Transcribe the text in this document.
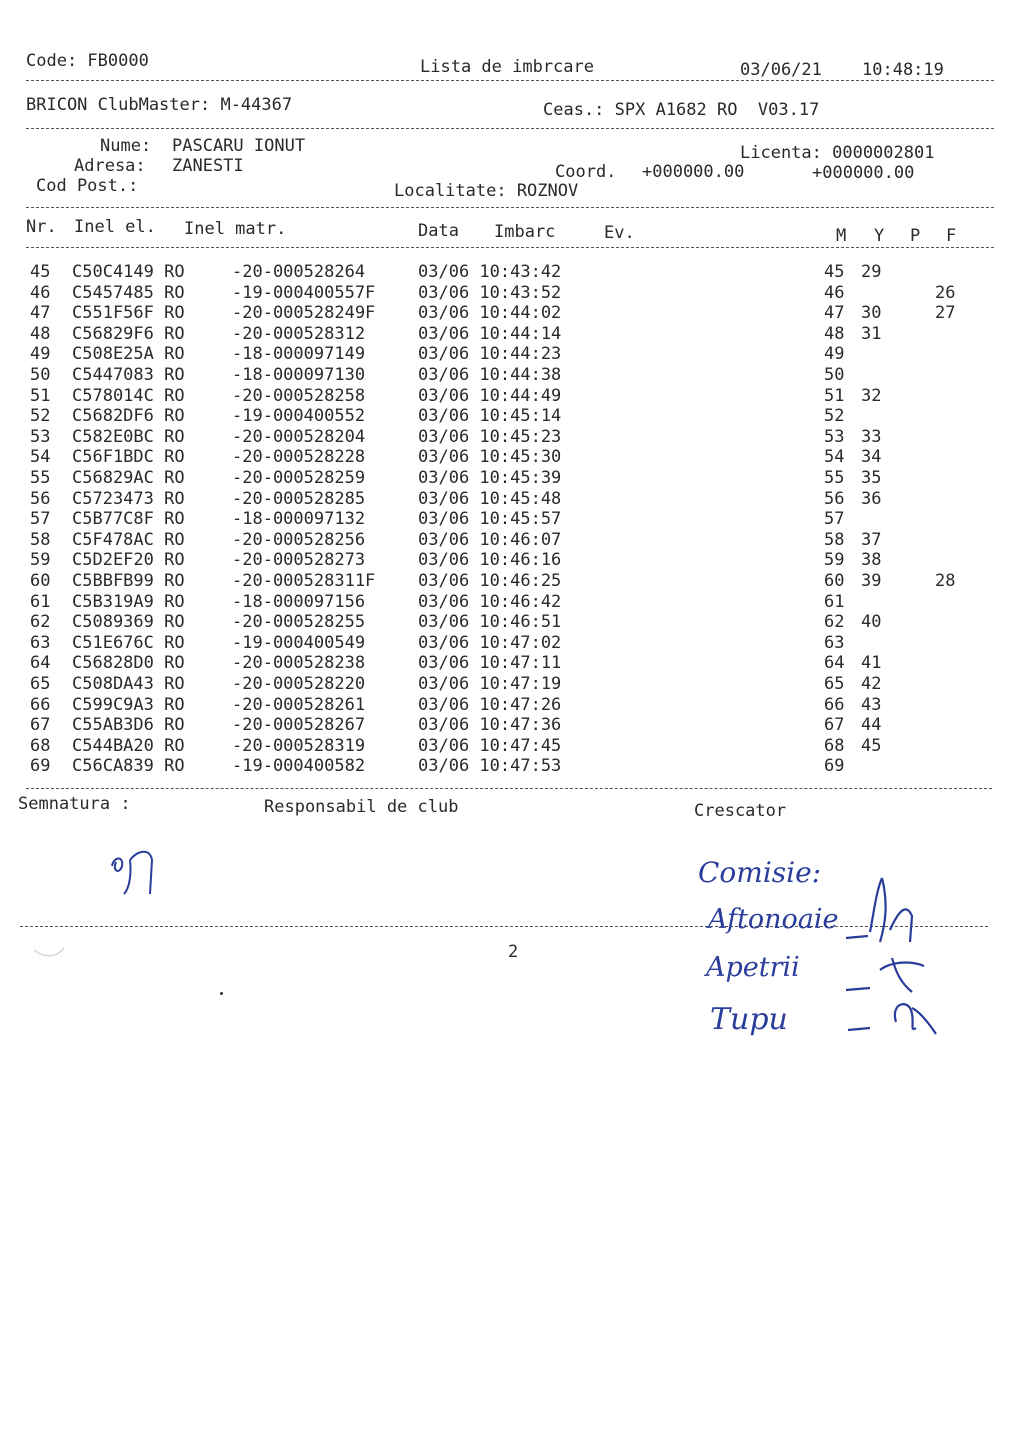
Code: FB0000	Lista de imbrcare	03/06/21 10:48:19
BRICON ClubMaster: M-44367	Ceas.: SPX A1682 RO  V03.17
Nume: PASCARU IONUT
Adresa: ZANESTI
Cod Post.:
Licenta: 0000002801
Coord. +000000.00	+000000.00
Localitate: ROZNOV
Nr. Inel el. Inel matr.	Data Imbarc	Ev.	M Y P F
45 C50C4149 RO	-20-000528264	03/06 10:43:42	45 29
46 C5457485 RO	-19-000400557F	03/06 10:43:52	46	26
47 C551F56F RO	-20-000528249F	03/06 10:44:02	47 30	27
48 C56829F6 RO	-20-000528312	03/06 10:44:14	48 31
49 C508E25A RO	-18-000097149	03/06 10:44:23	49
50 C5447083 RO	-18-000097130	03/06 10:44:38	50
51 C578014C RO	-20-000528258	03/06 10:44:49	51 32
52 C5682DF6 RO	-19-000400552	03/06 10:45:14	52
53 C582E0BC RO	-20-000528204	03/06 10:45:23	53 33
54 C56F1BDC RO	-20-000528228	03/06 10:45:30	54 34
55 C56829AC RO	-20-000528259	03/06 10:45:39	55 35
56 C5723473 RO	-20-000528285	03/06 10:45:48	56 36
57 C5B77C8F RO	-18-000097132	03/06 10:45:57	57
58 C5F478AC RO	-20-000528256	03/06 10:46:07	58 37
59 C5D2EF20 RO	-20-000528273	03/06 10:46:16	59 38
60 C5BBFB99 RO	-20-000528311F	03/06 10:46:25	60 39	28
61 C5B319A9 RO	-18-000097156	03/06 10:46:42	61
62 C5089369 RO	-20-000528255	03/06 10:46:51	62 40
63 C51E676C RO	-19-000400549	03/06 10:47:02	63
64 C56828D0 RO	-20-000528238	03/06 10:47:11	64 41
65 C508DA43 RO	-20-000528220	03/06 10:47:19	65 42
66 C599C9A3 RO	-20-000528261	03/06 10:47:26	66 43
67 C55AB3D6 RO	-20-000528267	03/06 10:47:36	67 44
68 C544BA20 RO	-20-000528319	03/06 10:47:45	68 45
69 C56CA839 RO	-19-000400582	03/06 10:47:53	69
Semnatura :	Responsabil de club	Crescator
2
Comisie:
Aftonoaie
Apetrii
Tupu
